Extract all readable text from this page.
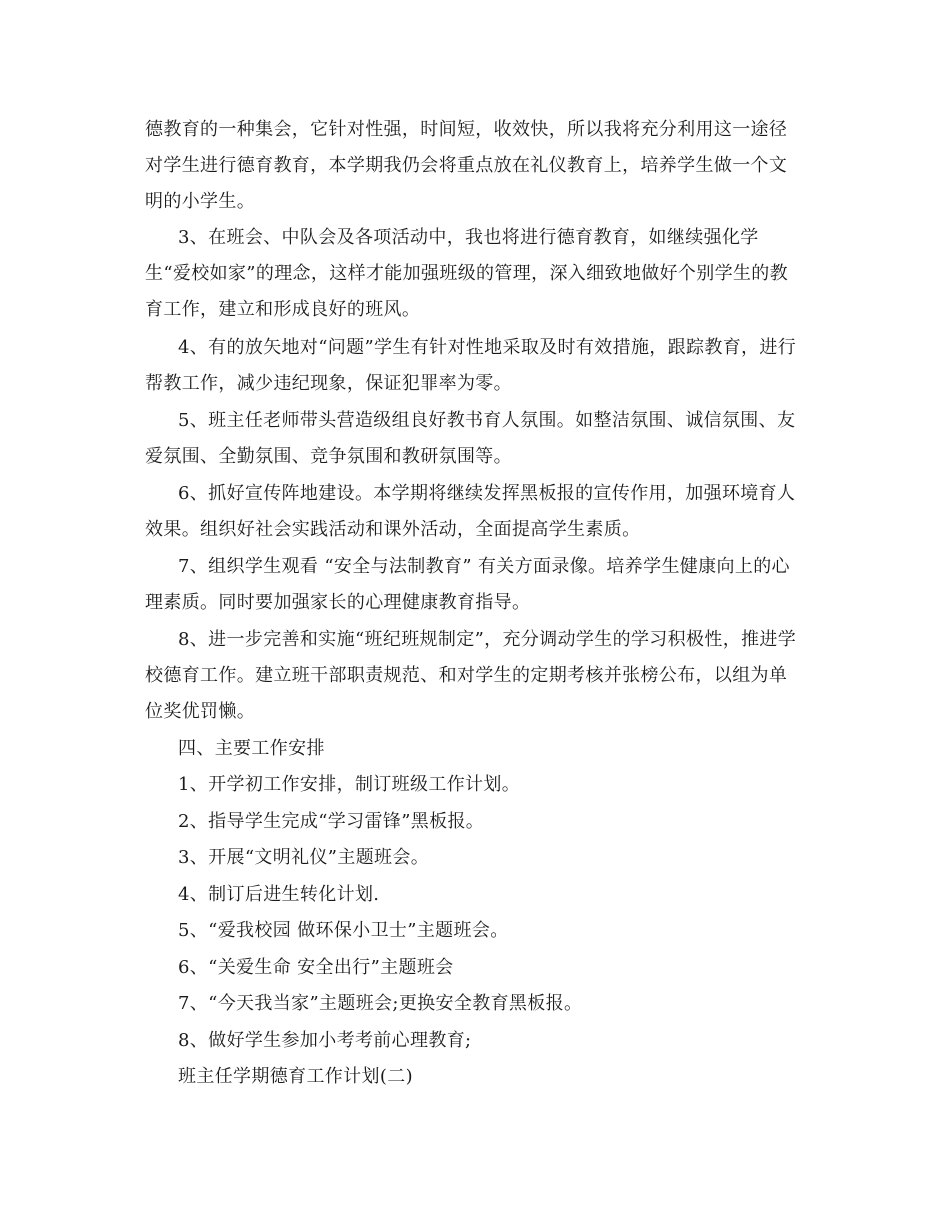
德教育的一种集会，它针对性强，时间短，收效快，所以我将充分利用这一途径
对学生进行德育教育，本学期我仍会将重点放在礼仪教育上，培养学生做一个文
明的小学生。
3、在班会、中队会及各项活动中，我也将进行德育教育，如继续强化学
生“爱校如家”的理念，这样才能加强班级的管理，深入细致地做好个别学生的教
育工作，建立和形成良好的班风。
4、有的放矢地对“问题”学生有针对性地采取及时有效措施，跟踪教育，进行
帮教工作，减少违纪现象，保证犯罪率为零。
5、班主任老师带头营造级组良好教书育人氛围。如整洁氛围、诚信氛围、友
爱氛围、全勤氛围、竞争氛围和教研氛围等。
6、抓好宣传阵地建设。本学期将继续发挥黑板报的宣传作用，加强环境育人
效果。组织好社会实践活动和课外活动，全面提高学生素质。
7、组织学生观看 “安全与法制教育” 有关方面录像。培养学生健康向上的心
理素质。同时要加强家长的心理健康教育指导。
8、进一步完善和实施“班纪班规制定”，充分调动学生的学习积极性，推进学
校德育工作。建立班干部职责规范、和对学生的定期考核并张榜公布，以组为单
位奖优罚懒。
四、主要工作安排
1、开学初工作安排，制订班级工作计划。
2、指导学生完成“学习雷锋”黑板报。
3、开展“文明礼仪”主题班会。
4、制订后进生转化计划.
5、“爱我校园 做环保小卫士”主题班会。
6、“关爱生命 安全出行”主题班会
7、“今天我当家”主题班会;更换安全教育黑板报。
8、做好学生参加小考考前心理教育;
班主任学期德育工作计划(二)
